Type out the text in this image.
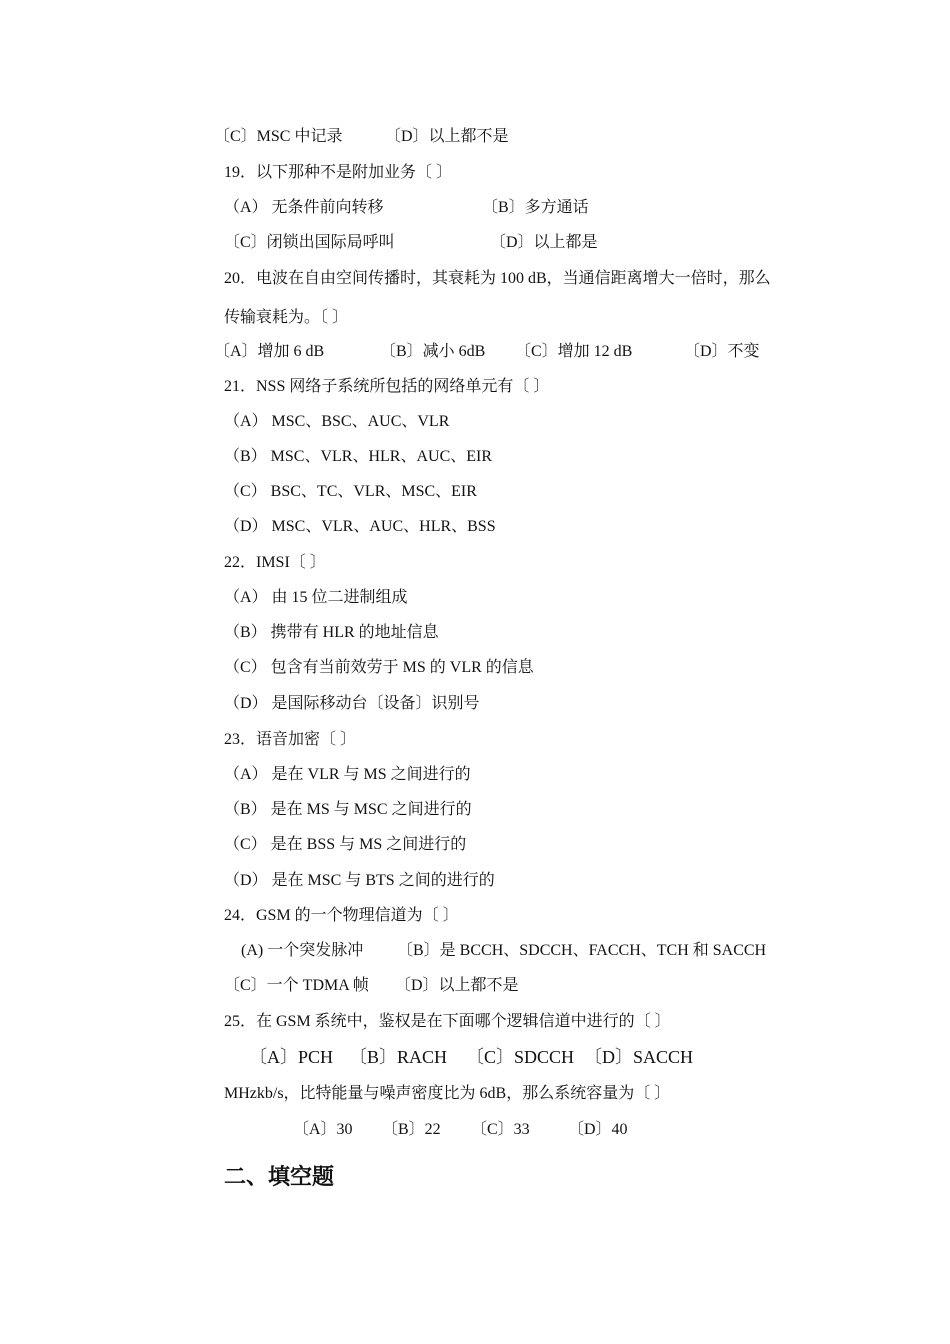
〔C〕MSC 中记录	〔D〕以上都不是
19．以下那种不是附加业务〔 〕
（A） 无条件前向转移	〔B〕多方通话
〔C〕闭锁出国际局呼叫	〔D〕以上都是
20．电波在自由空间传播时，其衰耗为 100 dB，当通信距离增大一倍时，那么
传输衰耗为。〔 〕
〔A〕增加 6 dB	〔B〕减小 6dB 〔C〕增加 12 dB	〔D〕不变
21．NSS 网络子系统所包括的网络单元有〔 〕
（A） MSC、BSC、AUC、VLR
（B） MSC、VLR、HLR、AUC、EIR
（C） BSC、TC、VLR、MSC、EIR
（D） MSC、VLR、AUC、HLR、BSS
22．IMSI〔 〕
（A） 由 15 位二进制组成
（B） 携带有 HLR 的地址信息
（C） 包含有当前效劳于 MS 的 VLR 的信息
（D） 是国际移动台〔设备〕识别号
23．语音加密〔 〕
（A） 是在 VLR 与 MS 之间进行的
（B） 是在 MS 与 MSC 之间进行的
（C） 是在 BSS 与 MS 之间进行的
（D） 是在 MSC 与 BTS 之间的进行的
24．GSM 的一个物理信道为〔 〕
(A) 一个突发脉冲 〔B〕是 BCCH、SDCCH、FACCH、TCH 和 SACCH
〔C〕一个 TDMA 帧 〔D〕以上都不是
25．在 GSM 系统中，鉴权是在下面哪个逻辑信道中进行的〔 〕
〔A〕PCH 〔B〕RACH 〔C〕SDCCH 〔D〕SACCH
MHzkb/s，比特能量与噪声密度比为 6dB，那么系统容量为〔 〕
〔A〕30 〔B〕22 〔C〕33 〔D〕40
二、填空题
